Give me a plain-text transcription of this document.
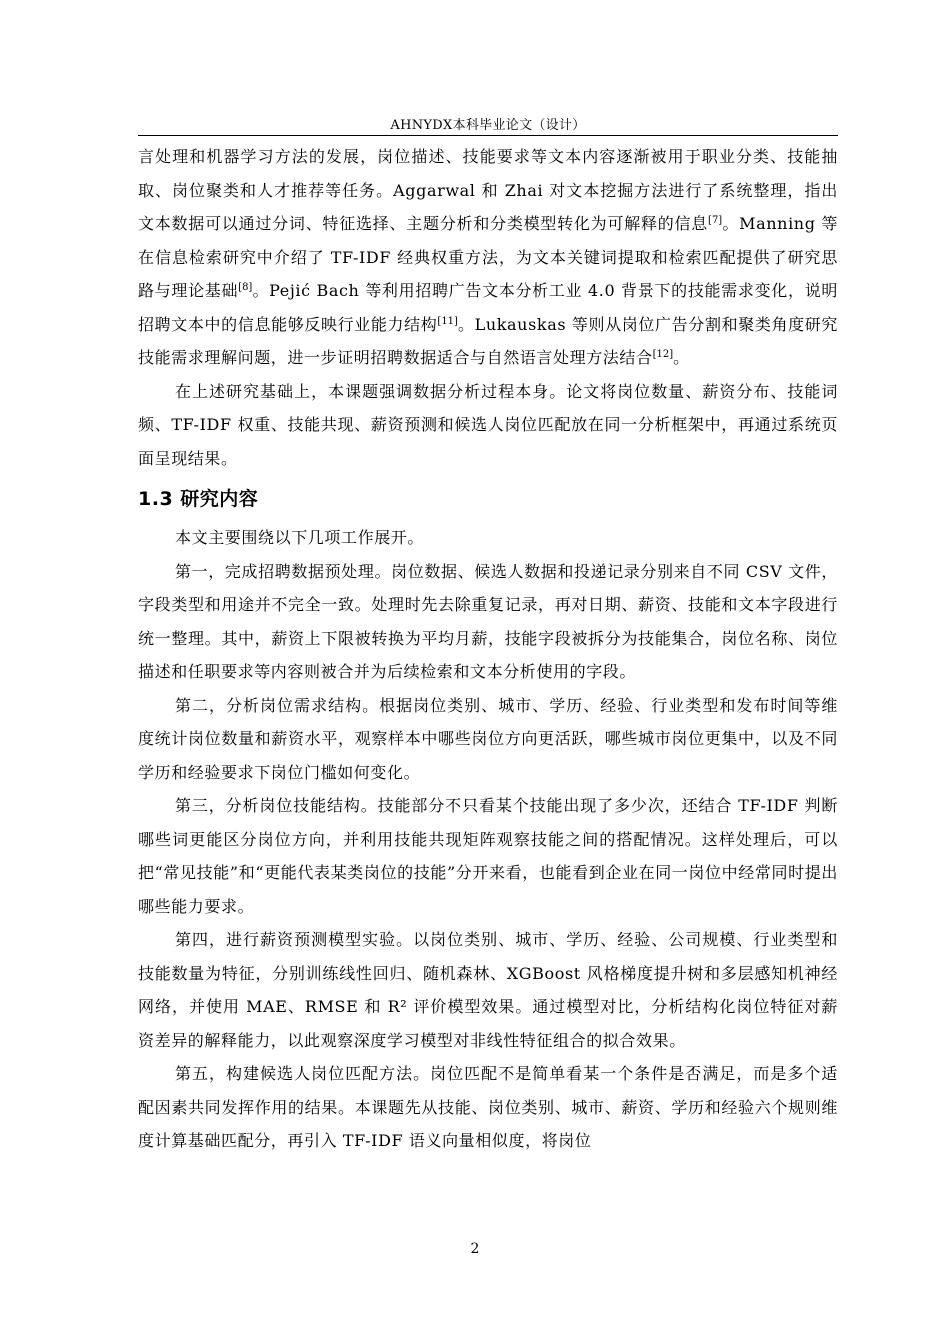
AHNYDX本科毕业论文（设计）

言处理和机器学习方法的发展，岗位描述、技能要求等文本内容逐渐被用于职业分类、技能抽取、岗位聚类和人才推荐等任务。Aggarwal 和 Zhai 对文本挖掘方法进行了系统整理，指出文本数据可以通过分词、特征选择、主题分析和分类模型转化为可解释的信息[7]。Manning 等在信息检索研究中介绍了 TF-IDF 经典权重方法，为文本关键词提取和检索匹配提供了研究思路与理论基础[8]。Pejić Bach 等利用招聘广告文本分析工业 4.0 背景下的技能需求变化，说明招聘文本中的信息能够反映行业能力结构[11]。Lukauskas 等则从岗位广告分割和聚类角度研究技能需求理解问题，进一步证明招聘数据适合与自然语言处理方法结合[12]。

在上述研究基础上，本课题强调数据分析过程本身。论文将岗位数量、薪资分布、技能词频、TF-IDF 权重、技能共现、薪资预测和候选人岗位匹配放在同一分析框架中，再通过系统页面呈现结果。

1.3 研究内容

本文主要围绕以下几项工作展开。

第一，完成招聘数据预处理。岗位数据、候选人数据和投递记录分别来自不同 CSV 文件，字段类型和用途并不完全一致。处理时先去除重复记录，再对日期、薪资、技能和文本字段进行统一整理。其中，薪资上下限被转换为平均月薪，技能字段被拆分为技能集合，岗位名称、岗位描述和任职要求等内容则被合并为后续检索和文本分析使用的字段。

第二，分析岗位需求结构。根据岗位类别、城市、学历、经验、行业类型和发布时间等维度统计岗位数量和薪资水平，观察样本中哪些岗位方向更活跃，哪些城市岗位更集中，以及不同学历和经验要求下岗位门槛如何变化。

第三，分析岗位技能结构。技能部分不只看某个技能出现了多少次，还结合 TF-IDF 判断哪些词更能区分岗位方向，并利用技能共现矩阵观察技能之间的搭配情况。这样处理后，可以把“常见技能”和“更能代表某类岗位的技能”分开来看，也能看到企业在同一岗位中经常同时提出哪些能力要求。

第四，进行薪资预测模型实验。以岗位类别、城市、学历、经验、公司规模、行业类型和技能数量为特征，分别训练线性回归、随机森林、XGBoost 风格梯度提升树和多层感知机神经网络，并使用 MAE、RMSE 和 R² 评价模型效果。通过模型对比，分析结构化岗位特征对薪资差异的解释能力，以此观察深度学习模型对非线性特征组合的拟合效果。

第五，构建候选人岗位匹配方法。岗位匹配不是简单看某一个条件是否满足，而是多个适配因素共同发挥作用的结果。本课题先从技能、岗位类别、城市、薪资、学历和经验六个规则维度计算基础匹配分，再引入 TF-IDF 语义向量相似度，将岗位

2
